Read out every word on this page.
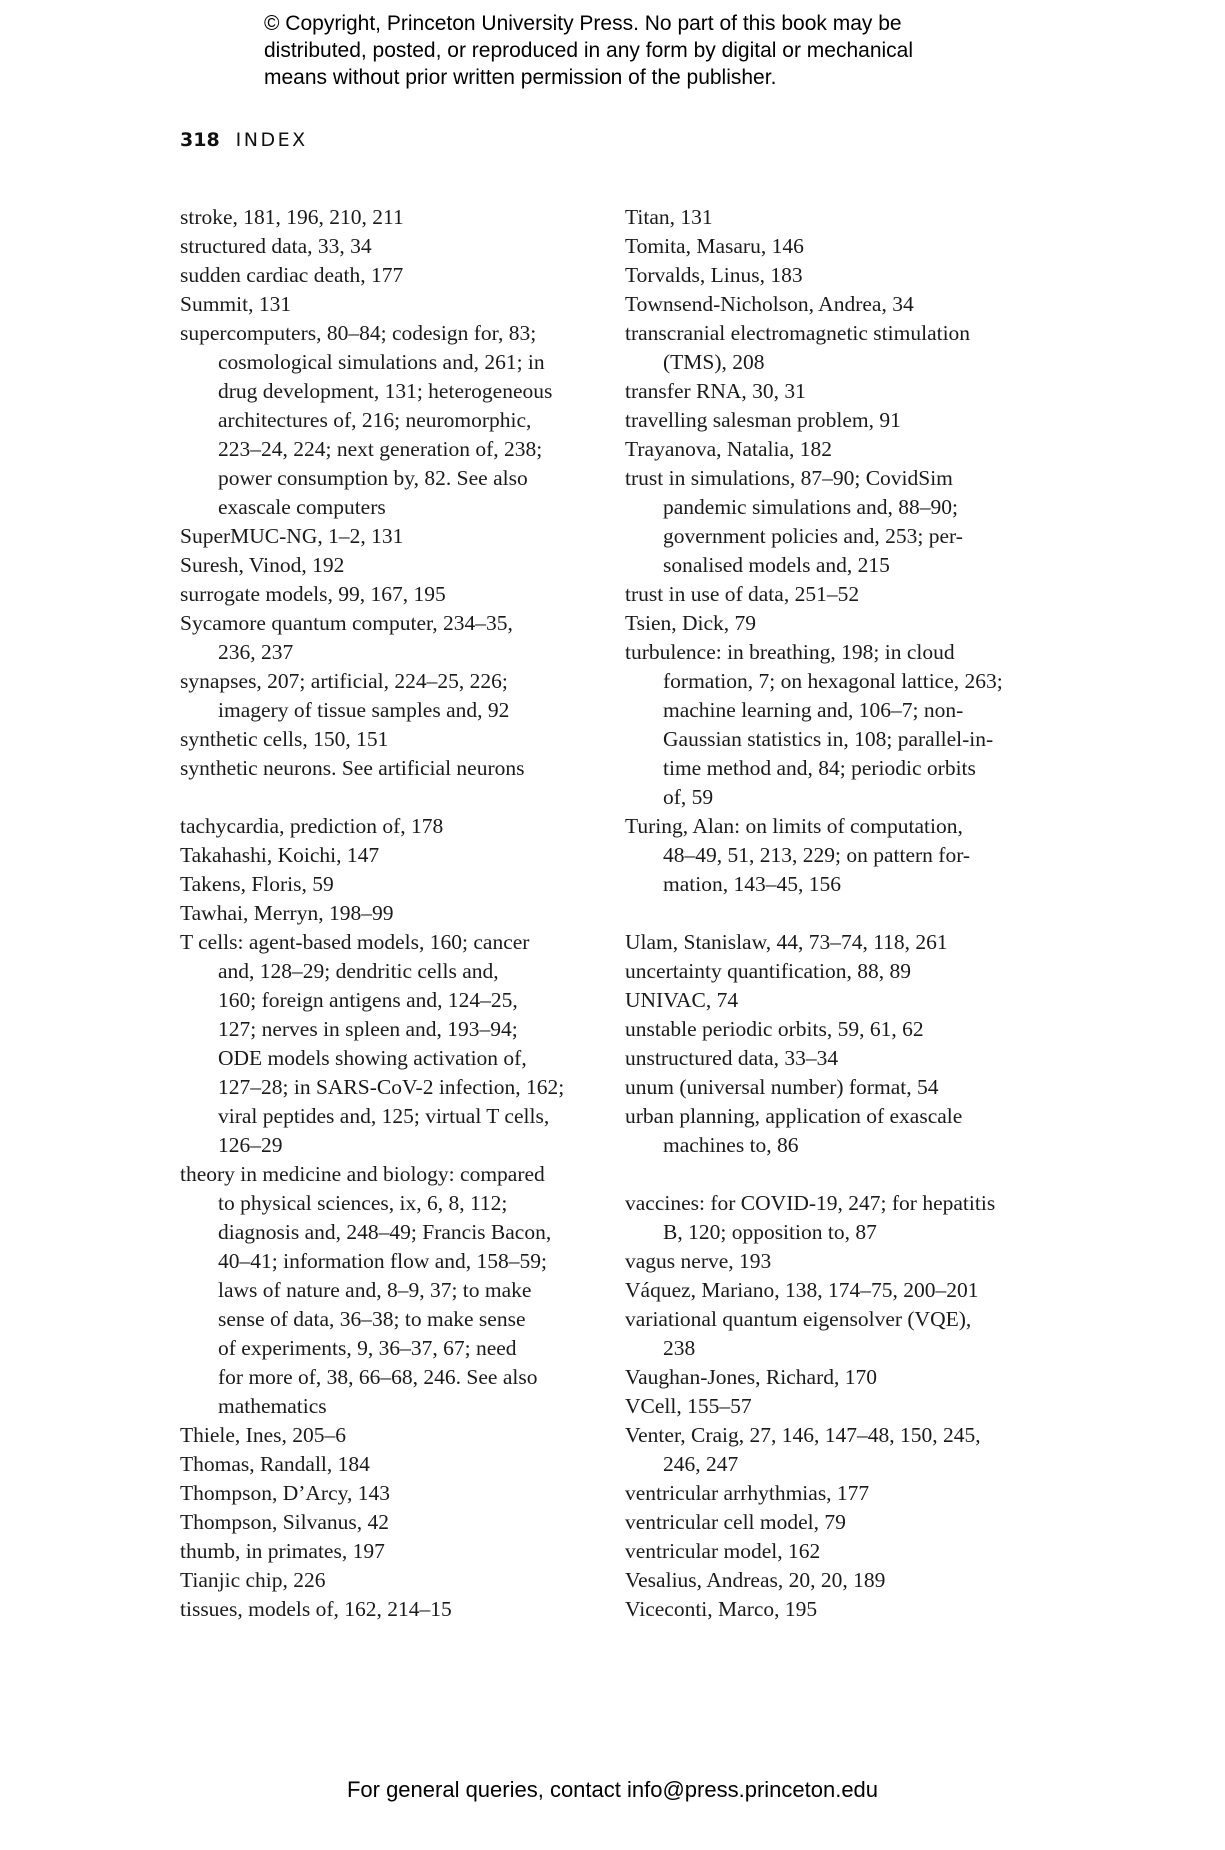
© Copyright, Princeton University Press. No part of this book may be
distributed, posted, or reproduced in any form by digital or mechanical
means without prior written permission of the publisher.
318 INDEX
stroke, 181, 196, 210, 211
structured data, 33, 34
sudden cardiac death, 177
Summit, 131
supercomputers, 80–84; codesign for, 83;
cosmological simulations and, 261; in
drug development, 131; heterogeneous
architectures of, 216; neuromorphic,
223–24, 224; next generation of, 238;
power consumption by, 82. See also
exascale computers
SuperMUC-NG, 1–2, 131
Suresh, Vinod, 192
surrogate models, 99, 167, 195
Sycamore quantum computer, 234–35,
236, 237
synapses, 207; artificial, 224–25, 226;
imagery of tissue samples and, 92
synthetic cells, 150, 151
synthetic neurons. See artificial neurons
tachycardia, prediction of, 178
Takahashi, Koichi, 147
Takens, Floris, 59
Tawhai, Merryn, 198–99
T cells: agent-based models, 160; cancer
and, 128–29; dendritic cells and,
160; foreign antigens and, 124–25,
127; nerves in spleen and, 193–94;
ODE models showing activation of,
127–28; in SARS-CoV-2 infection, 162;
viral peptides and, 125; virtual T cells,
126–29
theory in medicine and biology: compared
to physical sciences, ix, 6, 8, 112;
diagnosis and, 248–49; Francis Bacon,
40–41; information flow and, 158–59;
laws of nature and, 8–9, 37; to make
sense of data, 36–38; to make sense
of experiments, 9, 36–37, 67; need
for more of, 38, 66–68, 246. See also
mathematics
Thiele, Ines, 205–6
Thomas, Randall, 184
Thompson, D’Arcy, 143
Thompson, Silvanus, 42
thumb, in primates, 197
Tianjic chip, 226
tissues, models of, 162, 214–15
Titan, 131
Tomita, Masaru, 146
Torvalds, Linus, 183
Townsend-Nicholson, Andrea, 34
transcranial electromagnetic stimulation
(TMS), 208
transfer RNA, 30, 31
travelling salesman problem, 91
Trayanova, Natalia, 182
trust in simulations, 87–90; CovidSim
pandemic simulations and, 88–90;
government policies and, 253; per-
sonalised models and, 215
trust in use of data, 251–52
Tsien, Dick, 79
turbulence: in breathing, 198; in cloud
formation, 7; on hexagonal lattice, 263;
machine learning and, 106–7; non-
Gaussian statistics in, 108; parallel-in-
time method and, 84; periodic orbits
of, 59
Turing, Alan: on limits of computation,
48–49, 51, 213, 229; on pattern for-
mation, 143–45, 156
Ulam, Stanislaw, 44, 73–74, 118, 261
uncertainty quantification, 88, 89
UNIVAC, 74
unstable periodic orbits, 59, 61, 62
unstructured data, 33–34
unum (universal number) format, 54
urban planning, application of exascale
machines to, 86
vaccines: for COVID-19, 247; for hepatitis
B, 120; opposition to, 87
vagus nerve, 193
Váquez, Mariano, 138, 174–75, 200–201
variational quantum eigensolver (VQE),
238
Vaughan-Jones, Richard, 170
VCell, 155–57
Venter, Craig, 27, 146, 147–48, 150, 245,
246, 247
ventricular arrhythmias, 177
ventricular cell model, 79
ventricular model, 162
Vesalius, Andreas, 20, 20, 189
Viceconti, Marco, 195
For general queries, contact info@press.princeton.edu
